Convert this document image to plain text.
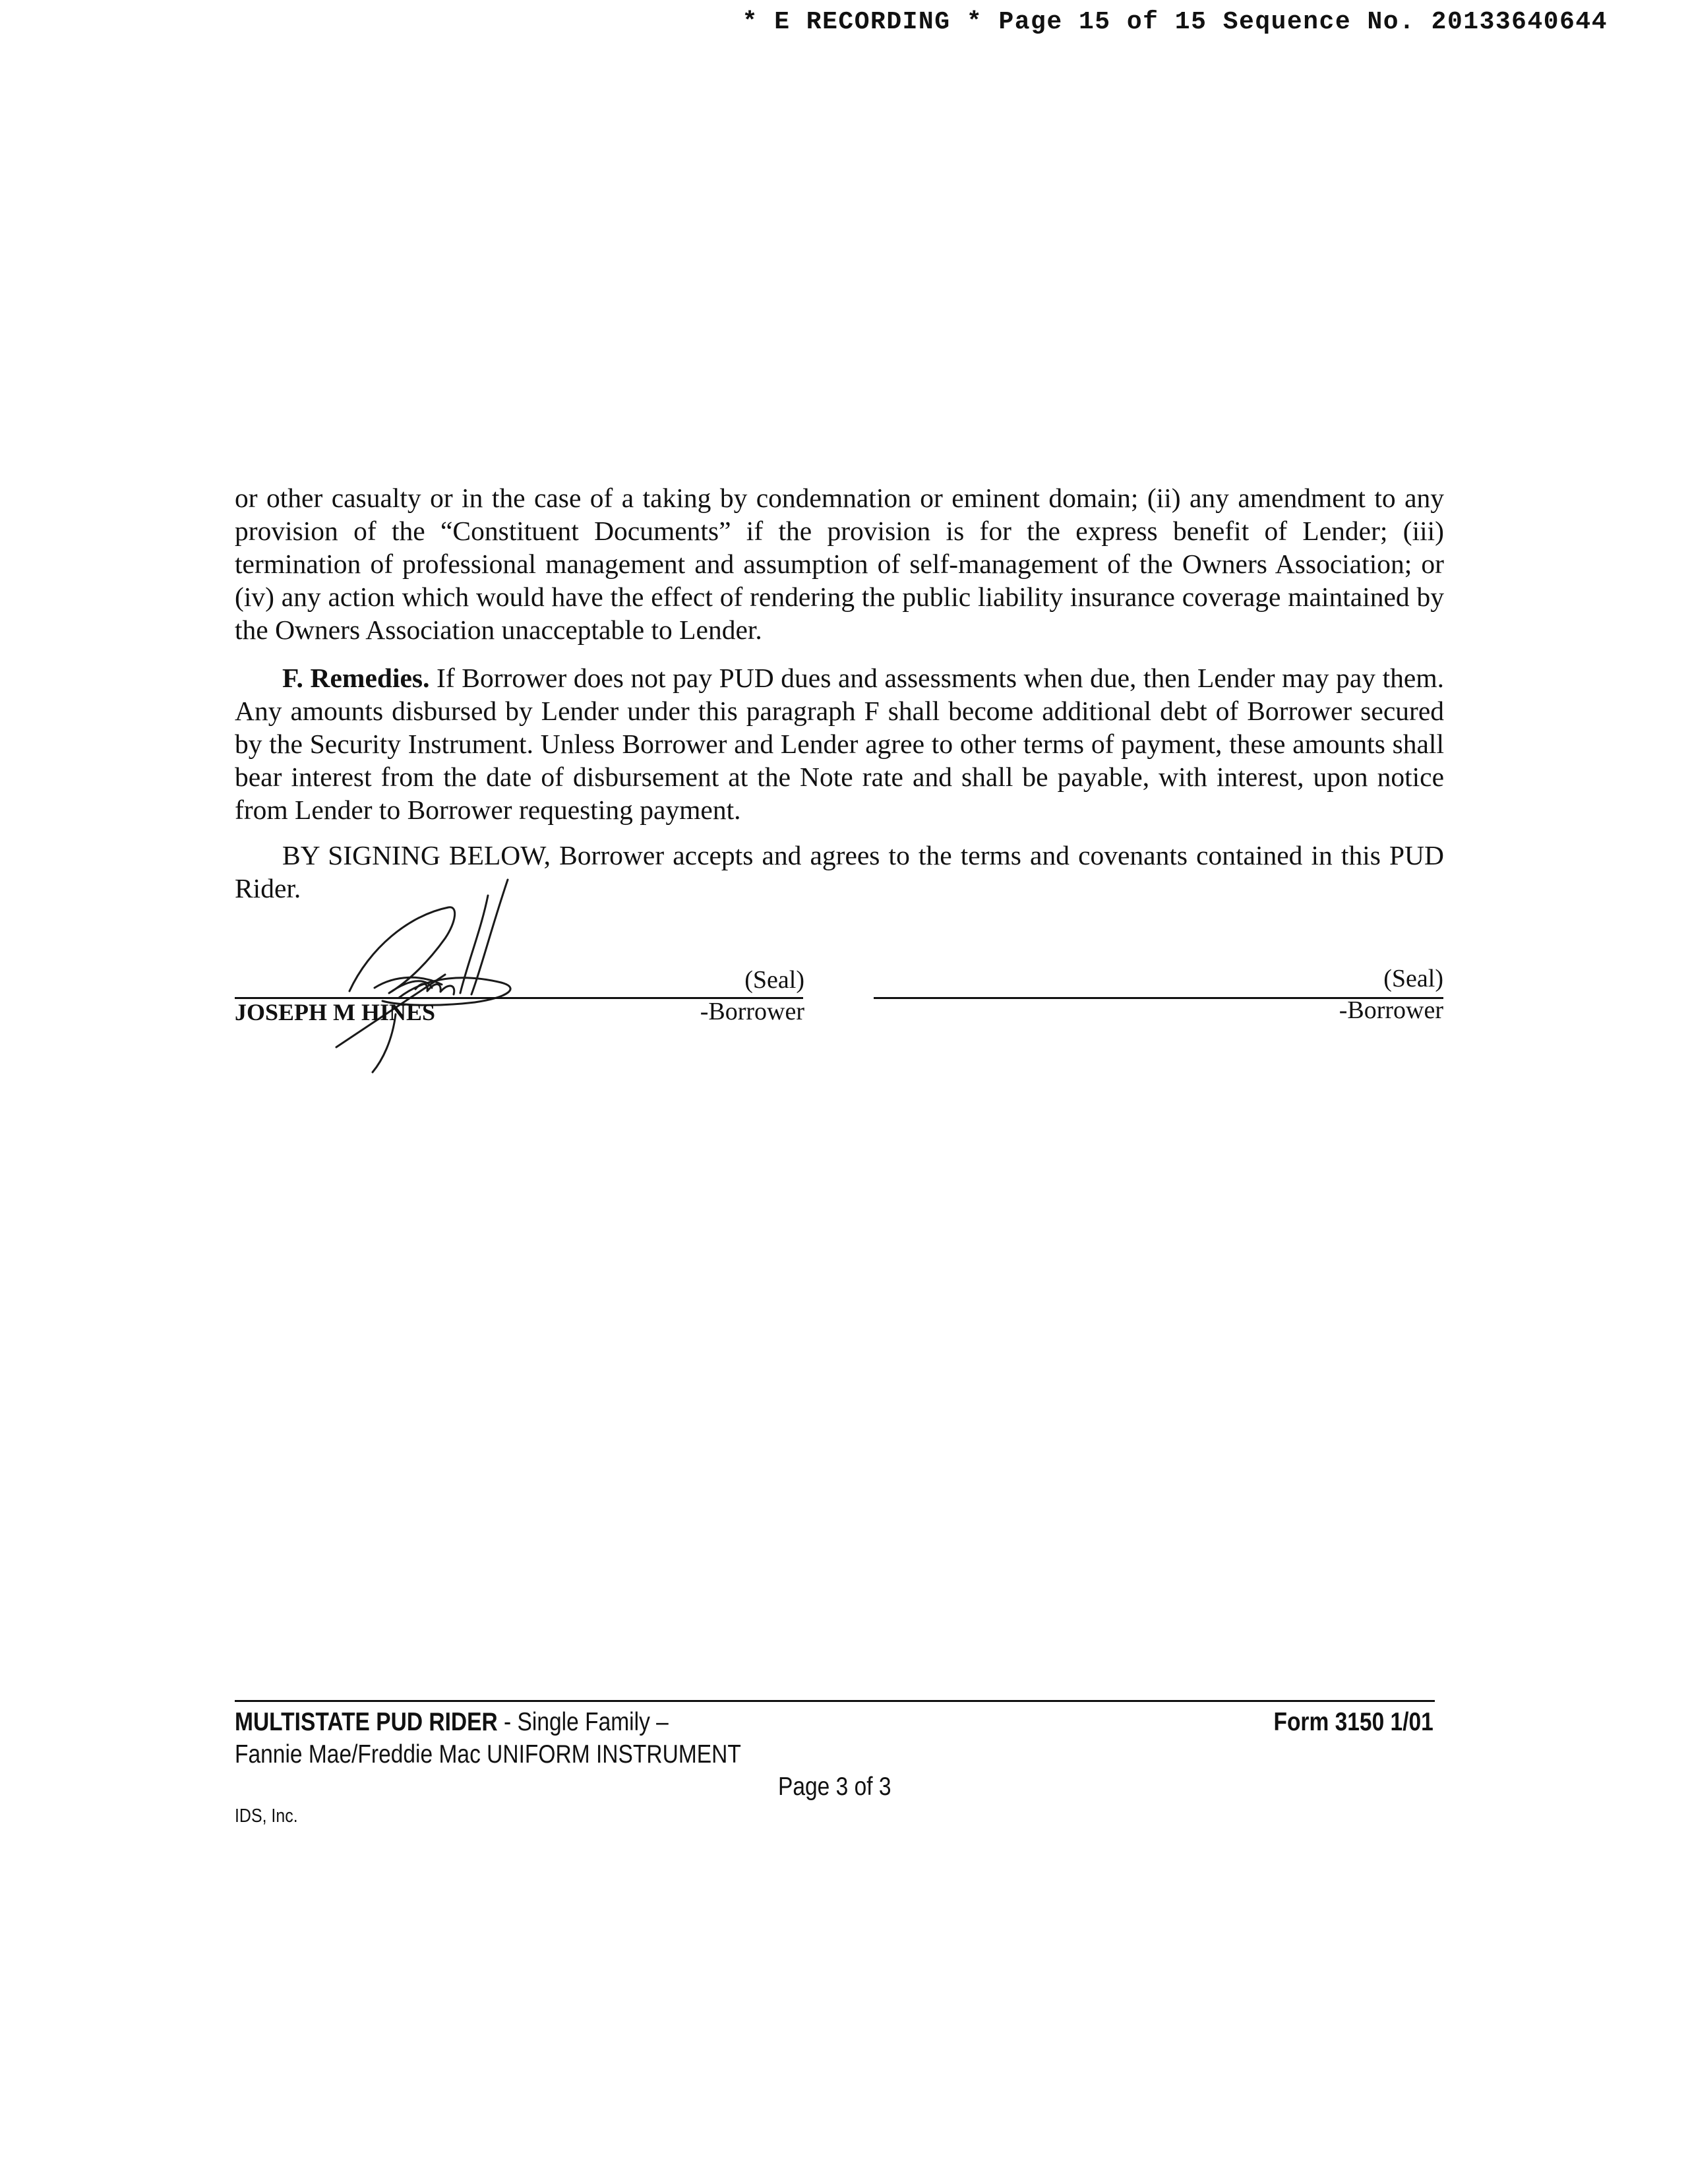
* E RECORDING * Page 15 of 15 Sequence No. 20133640644
or other casualty or in the case of a taking by condemnation or eminent domain; (ii) any amendment to any provision of the “Constituent Documents” if the provision is for the express benefit of Lender; (iii) termination of professional management and assumption of self-management of the Owners Association; or (iv) any action which would have the effect of rendering the public liability insurance coverage maintained by the Owners Association unacceptable to Lender.
F. Remedies. If Borrower does not pay PUD dues and assessments when due, then Lender may pay them. Any amounts disbursed by Lender under this paragraph F shall become additional debt of Borrower secured by the Security Instrument. Unless Borrower and Lender agree to other terms of payment, these amounts shall bear interest from the date of disbursement at the Note rate and shall be payable, with interest, upon notice from Lender to Borrower requesting payment.
BY SIGNING BELOW, Borrower accepts and agrees to the terms and covenants contained in this PUD Rider.
(Seal)
JOSEPH M HINES	-Borrower
(Seal)
-Borrower
MULTISTATE PUD RIDER - Single Family –
Fannie Mae/Freddie Mac UNIFORM INSTRUMENT
Form 3150 1/01
Page 3 of 3
IDS, Inc.
